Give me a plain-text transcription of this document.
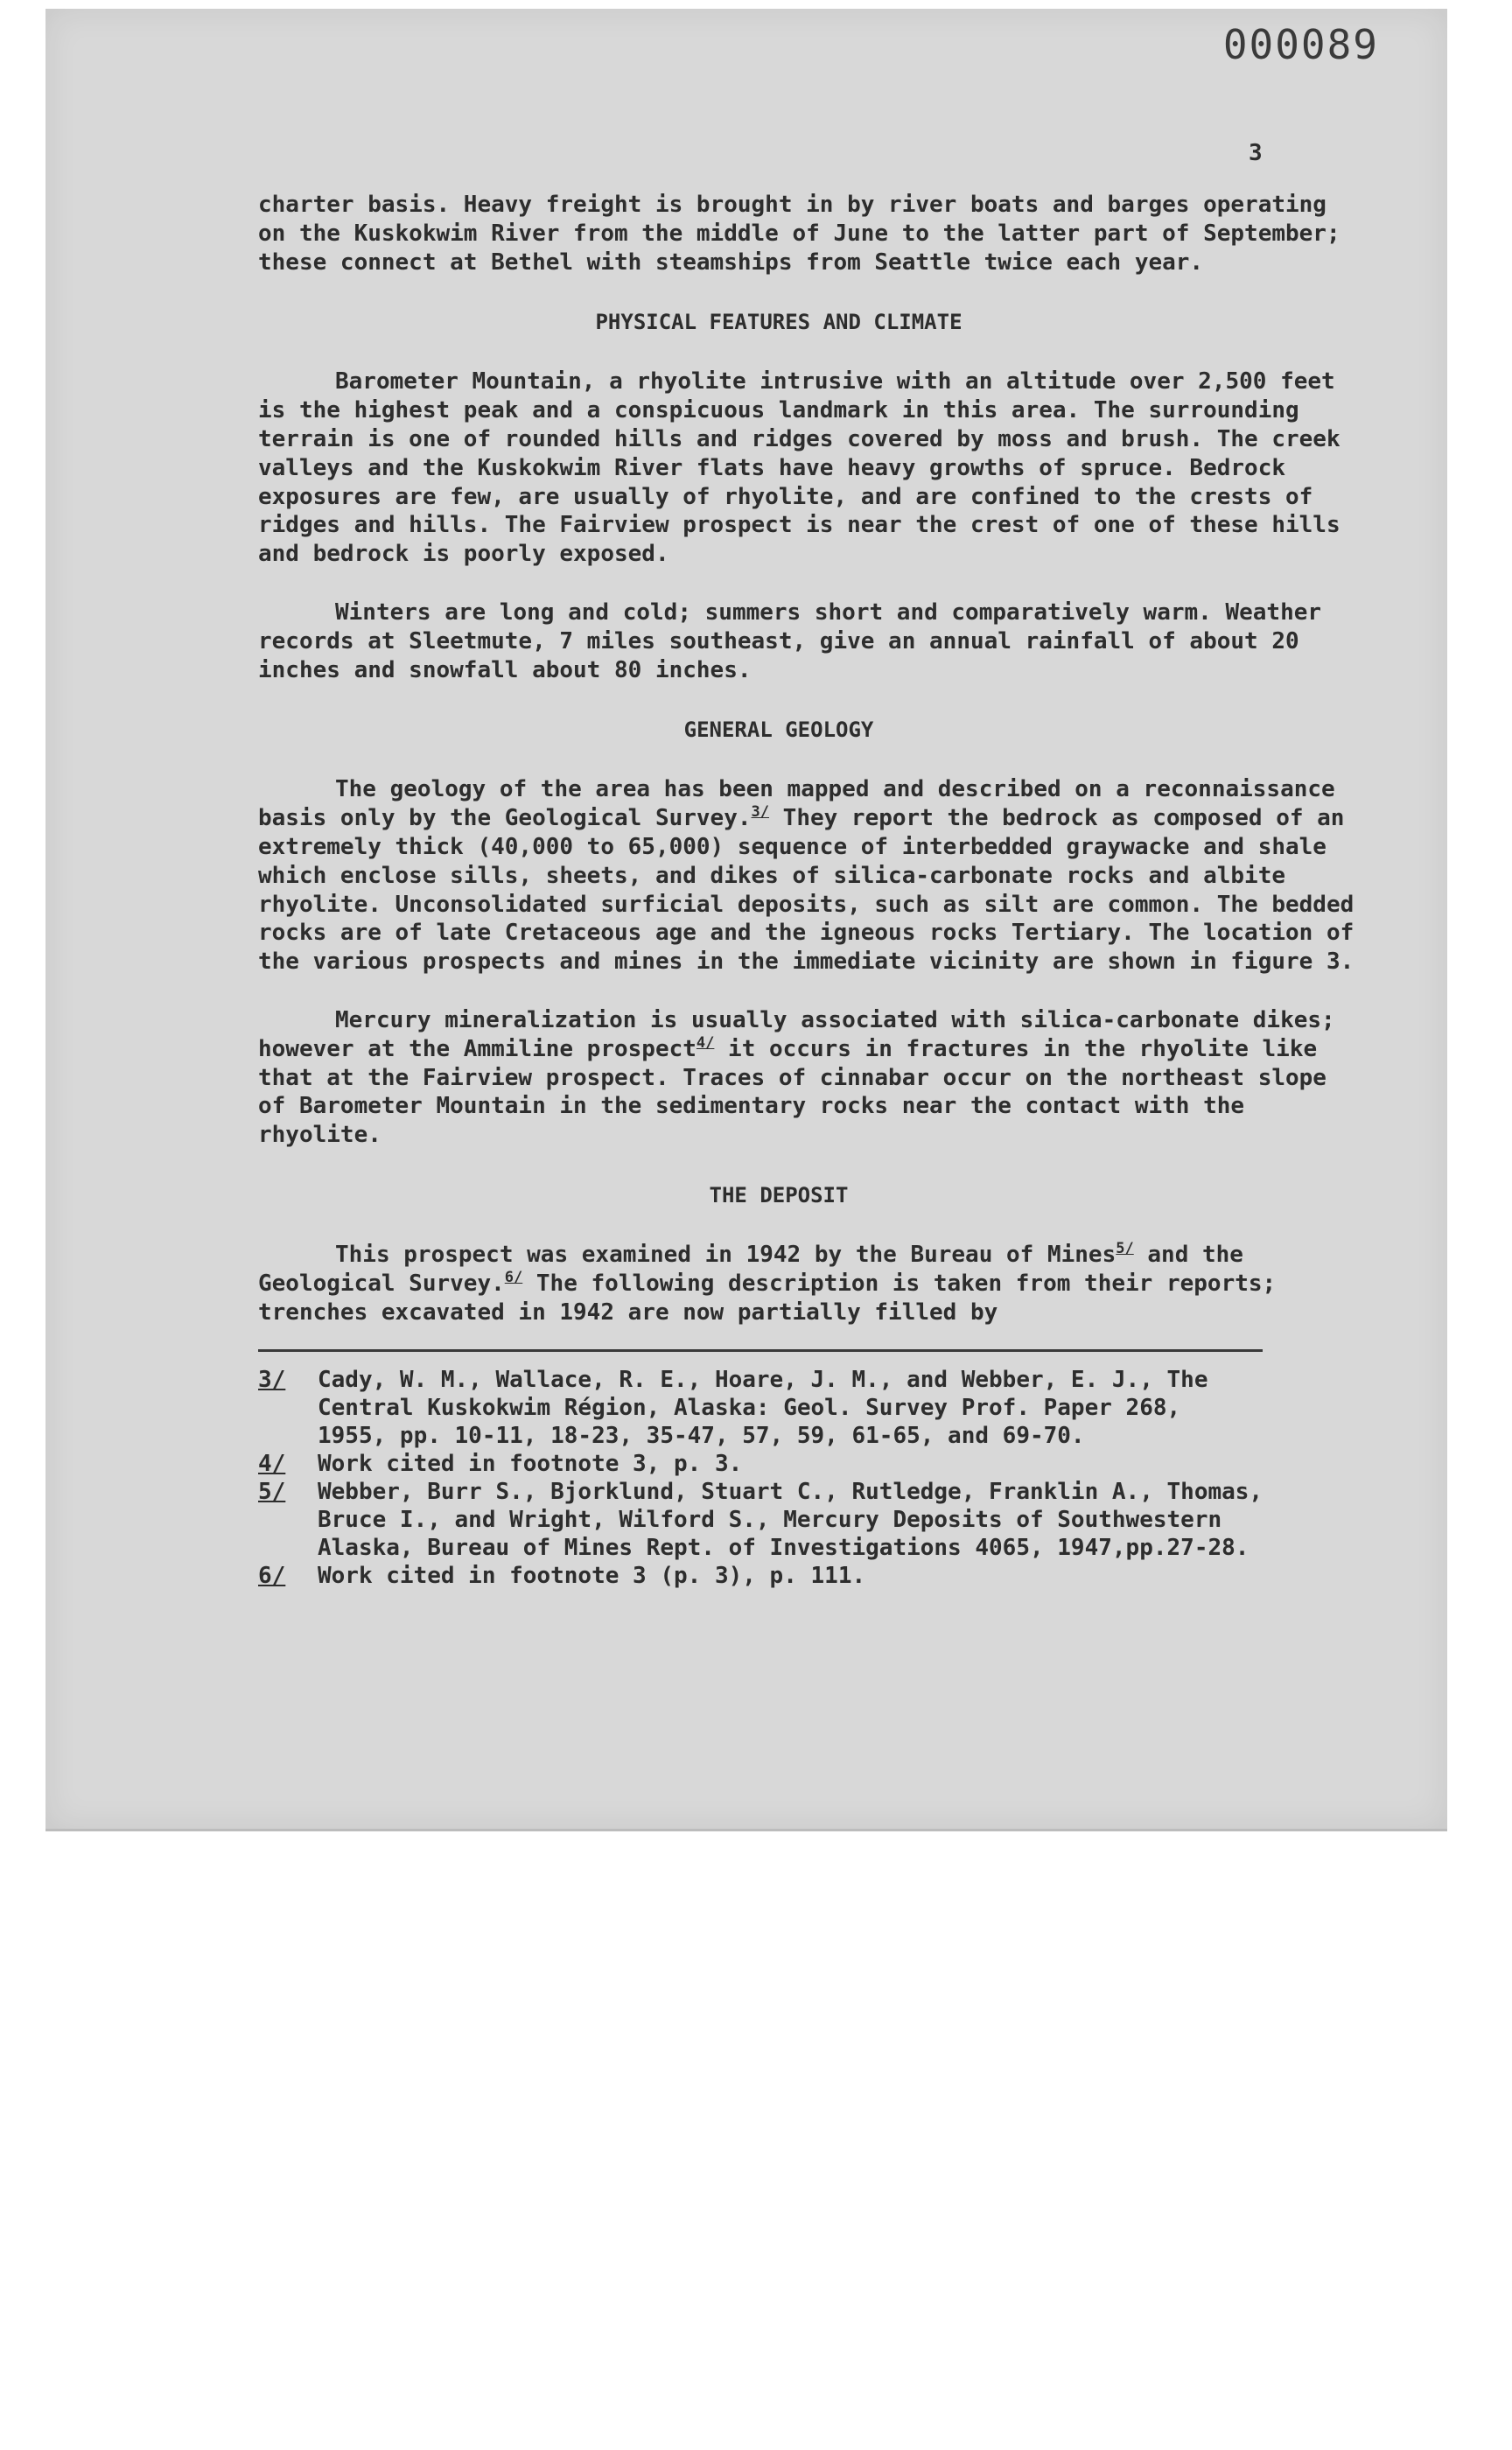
000089
3

charter basis. Heavy freight is brought in by river boats and barges operating on the Kuskokwim River from the middle of June to the latter part of September; these connect at Bethel with steamships from Seattle twice each year.

PHYSICAL FEATURES AND CLIMATE

Barometer Mountain, a rhyolite intrusive with an altitude over 2,500 feet is the highest peak and a conspicuous landmark in this area. The surrounding terrain is one of rounded hills and ridges covered by moss and brush. The creek valleys and the Kuskokwim River flats have heavy growths of spruce. Bedrock exposures are few, are usually of rhyolite, and are confined to the crests of ridges and hills. The Fairview prospect is near the crest of one of these hills and bedrock is poorly exposed.

Winters are long and cold; summers short and comparatively warm. Weather records at Sleetmute, 7 miles southeast, give an annual rainfall of about 20 inches and snowfall about 80 inches.

GENERAL GEOLOGY

The geology of the area has been mapped and described on a reconnaissance basis only by the Geological Survey.$^{3/}$ They report the bedrock as composed of an extremely thick (40,000 to 65,000) sequence of interbedded graywacke and shale which enclose sills, sheets, and dikes of silica-carbonate rocks and albite rhyolite. Unconsolidated surficial deposits, such as silt are common. The bedded rocks are of late Cretaceous age and the igneous rocks Tertiary. The location of the various prospects and mines in the immediate vicinity are shown in figure 3.

Mercury mineralization is usually associated with silica-carbonate dikes; however at the Ammiline prospect$^{4/}$ it occurs in fractures in the rhyolite like that at the Fairview prospect. Traces of cinnabar occur on the northeast slope of Barometer Mountain in the sedimentary rocks near the contact with the rhyolite.

THE DEPOSIT

This prospect was examined in 1942 by the Bureau of Mines$^{5/}$ and the Geological Survey.$^{6/}$ The following description is taken from their reports; trenches excavated in 1942 are now partially filled by

3/	Cady, W. M., Wallace, R. E., Hoare, J. M., and Webber, E. J., The
Central Kuskokwim Région, Alaska: Geol. Survey Prof. Paper 268,
1955, pp. 10-11, 18-23, 35-47, 57, 59, 61-65, and 69-70.
4/	Work cited in footnote 3, p. 3.
5/	Webber, Burr S., Bjorklund, Stuart C., Rutledge, Franklin A., Thomas,
Bruce I., and Wright, Wilford S., Mercury Deposits of Southwestern
Alaska, Bureau of Mines Rept. of Investigations 4065, 1947,pp.27-28.
6/	Work cited in footnote 3 (p. 3), p. 111.
